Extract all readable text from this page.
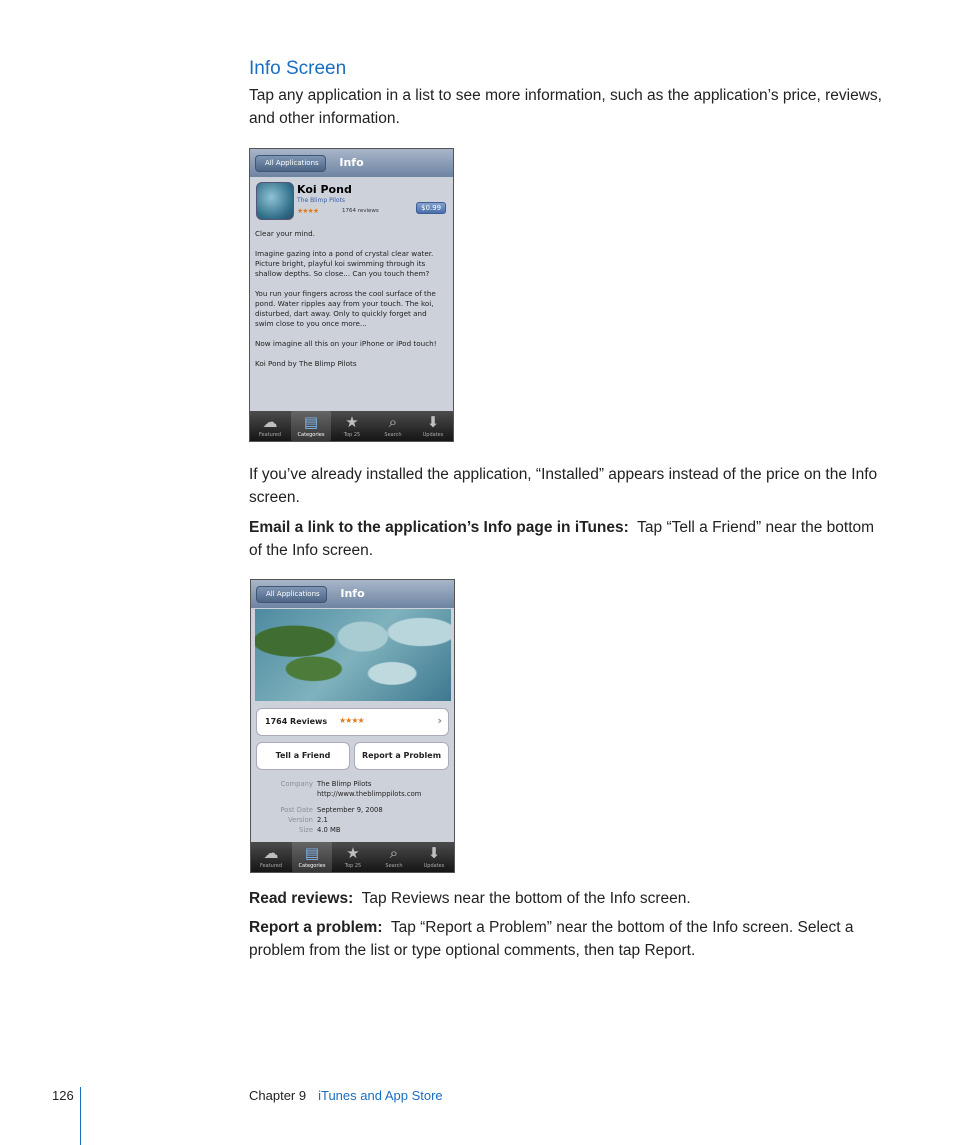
Info Screen
Tap any application in a list to see more information, such as the application’s price, reviews, and other information.
All Applications	Info
Koi Pond
The Blimp Pilots
★★★★	1764 reviews	$0.99

Clear your mind.

Imagine gazing into a pond of crystal clear water. Picture bright, playful koi swimming through its shallow depths. So close... Can you touch them?

You run your fingers across the cool surface of the pond. Water ripples aay from your touch. The koi, disturbed, dart away. Only to quickly forget and swim close to you once more...

Now imagine all this on your iPhone or iPod touch!

Koi Pond by The Blimp Pilots

☁
Featured
▤
Categories
★
Top 25
⌕
Search
⬇
Updates
If you’ve already installed the application, “Installed” appears instead of the price on the Info screen.
Email a link to the application’s Info page in iTunes: Tap “Tell a Friend” near the bottom of the Info screen.
All Applications	Info
1764 Reviews ★★★★	›
Tell a Friend	Report a Problem
Company The Blimp Pilots
http://www.theblimppilots.com
Post Date September 9, 2008
Version 2.1
Size 4.0 MB
☁
Featured
▤
Categories
★
Top 25
⌕
Search
⬇
Updates
Read reviews: Tap Reviews near the bottom of the Info screen.
Report a problem: Tap “Report a Problem” near the bottom of the Info screen. Select a problem from the list or type optional comments, then tap Report.
126	Chapter 9 iTunes and App Store
